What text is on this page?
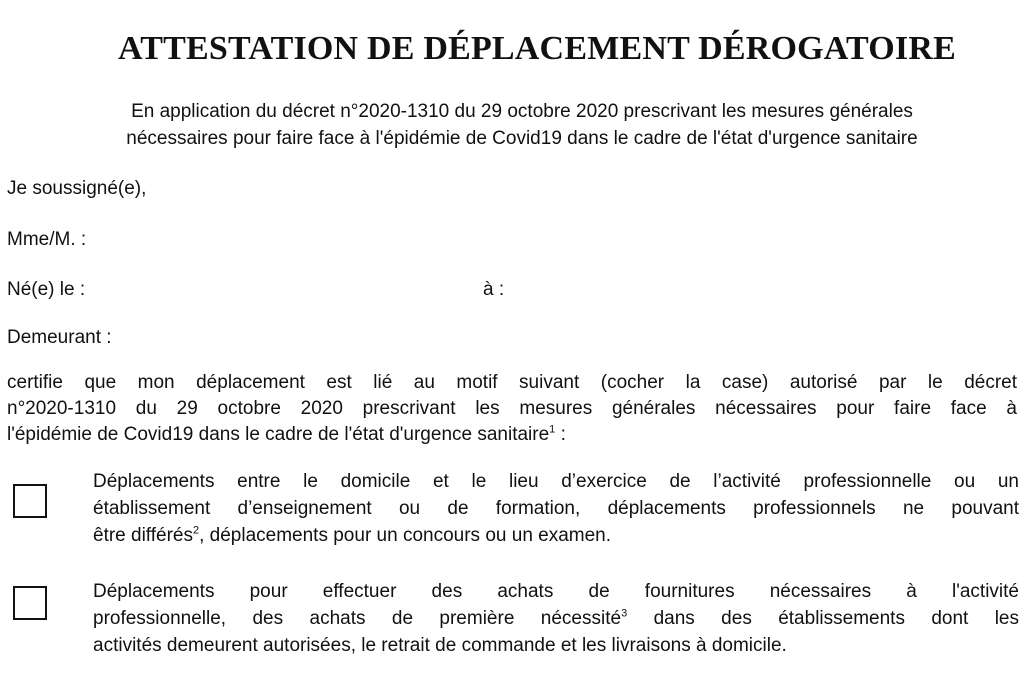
ATTESTATION DE DÉPLACEMENT DÉROGATOIRE
En application du décret n°2020-1310 du 29 octobre 2020 prescrivant les mesures générales
nécessaires pour faire face à l'épidémie de Covid19 dans le cadre de l'état d'urgence sanitaire
Je soussigné(e),
Mme/M. :
Né(e) le :	à :
Demeurant :
certifie que mon déplacement est lié au motif suivant (cocher la case) autorisé par le décret
n°2020-1310 du 29 octobre 2020 prescrivant les mesures générales nécessaires pour faire face à
l'épidémie de Covid19 dans le cadre de l'état d'urgence sanitaire$^1$ :
Déplacements entre le domicile et le lieu d’exercice de l’activité professionnelle ou un
établissement d’enseignement ou de formation, déplacements professionnels ne pouvant
être différés$^2$, déplacements pour un concours ou un examen.
Déplacements pour effectuer des achats de fournitures nécessaires à l'activité
professionnelle, des achats de première nécessité$^3$ dans des établissements dont les
activités demeurent autorisées, le retrait de commande et les livraisons à domicile.
